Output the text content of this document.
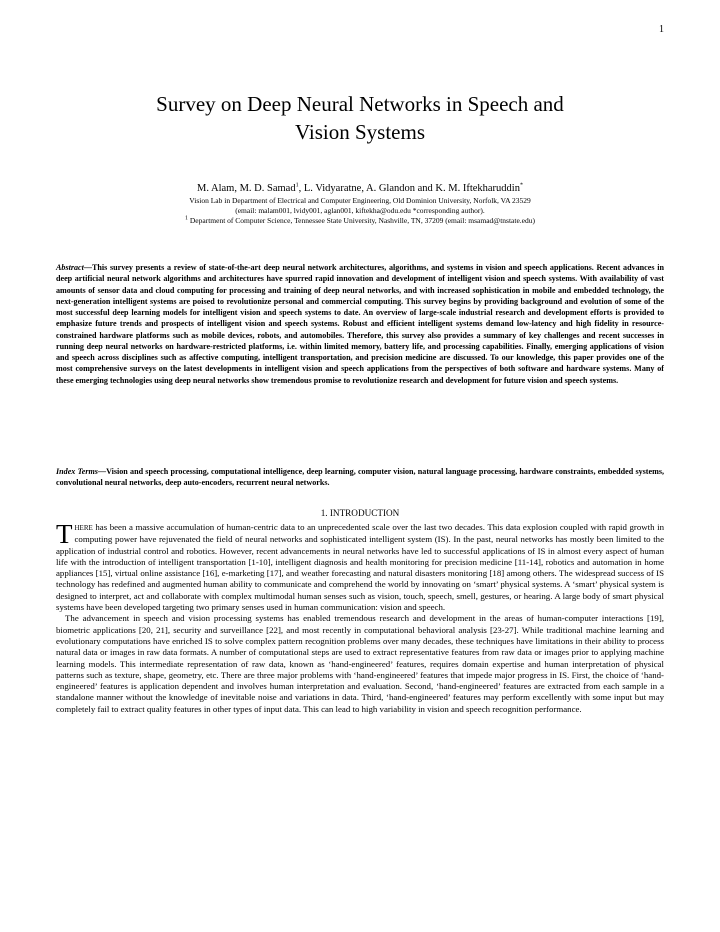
1
Survey on Deep Neural Networks in Speech and
Vision Systems
M. Alam, M. D. Samad$^1$, L. Vidyaratne, A. Glandon and K. M. Iftekharuddin*
Vision Lab in Department of Electrical and Computer Engineering, Old Dominion University, Norfolk, VA 23529
(email: malam001, lvidy001, aglan001, kiftekha@odu.edu *corresponding author).
$^1$ Department of Computer Science, Tennessee State University, Nashville, TN, 37209 (email: msamad@tnstate.edu)
Abstract—This survey presents a review of state-of-the-art deep neural network architectures, algorithms, and systems in vision and speech applications. Recent advances in deep artificial neural network algorithms and architectures have spurred rapid innovation and development of intelligent vision and speech systems. With availability of vast amounts of sensor data and cloud computing for processing and training of deep neural networks, and with increased sophistication in mobile and embedded technology, the next-generation intelligent systems are poised to revolutionize personal and commercial computing. This survey begins by providing background and evolution of some of the most successful deep learning models for intelligent vision and speech systems to date. An overview of large-scale industrial research and development efforts is provided to emphasize future trends and prospects of intelligent vision and speech systems. Robust and efficient intelligent systems demand low-latency and high fidelity in resource-constrained hardware platforms such as mobile devices, robots, and automobiles. Therefore, this survey also provides a summary of key challenges and recent successes in running deep neural networks on hardware-restricted platforms, i.e. within limited memory, battery life, and processing capabilities. Finally, emerging applications of vision and speech across disciplines such as affective computing, intelligent transportation, and precision medicine are discussed. To our knowledge, this paper provides one of the most comprehensive surveys on the latest developments in intelligent vision and speech applications from the perspectives of both software and hardware systems. Many of these emerging technologies using deep neural networks show tremendous promise to revolutionize research and development for future vision and speech systems.
Index Terms—Vision and speech processing, computational intelligence, deep learning, computer vision, natural language processing, hardware constraints, embedded systems, convolutional neural networks, deep auto-encoders, recurrent neural networks.
1. INTRODUCTION

THERE has been a massive accumulation of human-centric data to an unprecedented scale over the last two decades. This data explosion coupled with rapid growth in computing power have rejuvenated the field of neural networks and sophisticated intelligent system (IS). In the past, neural networks has mostly been limited to the application of industrial control and robotics. However, recent advancements in neural networks have led to successful applications of IS in almost every aspect of human life with the introduction of intelligent transportation [1-10], intelligent diagnosis and health monitoring for precision medicine [11-14], robotics and automation in home appliances [15], virtual online assistance [16], e-marketing [17], and weather forecasting and natural disasters monitoring [18] among others. The widespread success of IS technology has redefined and augmented human ability to communicate and comprehend the world by innovating on ‘smart’ physical systems. A ‘smart’ physical system is designed to interpret, act and collaborate with complex multimodal human senses such as vision, touch, speech, smell, gestures, or hearing. A large body of smart physical systems have been developed targeting two primary senses used in human communication: vision and speech.

The advancement in speech and vision processing systems has enabled tremendous research and development in the areas of human-computer interactions [19], biometric applications [20, 21], security and surveillance [22], and most recently in computational behavioral analysis [23-27]. While traditional machine learning and evolutionary computations have enriched IS to solve complex pattern recognition problems over many decades, these techniques have limitations in their ability to process natural data or images in raw data formats. A number of computational steps are used to extract representative features from raw data or images prior to applying machine learning models. This intermediate representation of raw data, known as ‘hand-engineered’ features, requires domain expertise and human interpretation of physical patterns such as texture, shape, geometry, etc. There are three major problems with ‘hand-engineered’ features that impede major progress in IS. First, the choice of ‘hand-engineered’ features is application dependent and involves human interpretation and evaluation. Second, ‘hand-engineered’ features are extracted from each sample in a standalone manner without the knowledge of inevitable noise and variations in data. Third, ‘hand-engineered’ features may perform excellently with some input but may completely fail to extract quality features in other types of input data. This can lead to high variability in vision and speech recognition performance.
